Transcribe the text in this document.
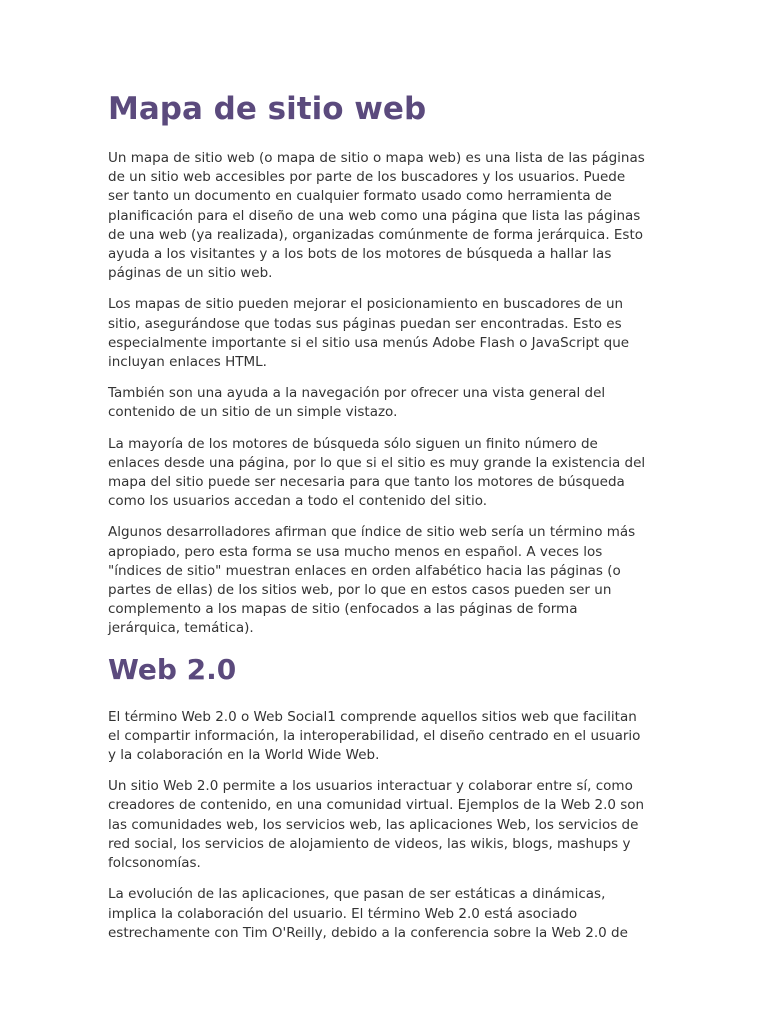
Mapa de sitio web

Un mapa de sitio web (o mapa de sitio o mapa web) es una lista de las páginas
de un sitio web accesibles por parte de los buscadores y los usuarios. Puede
ser tanto un documento en cualquier formato usado como herramienta de
planificación para el diseño de una web como una página que lista las páginas
de una web (ya realizada), organizadas comúnmente de forma jerárquica. Esto
ayuda a los visitantes y a los bots de los motores de búsqueda a hallar las
páginas de un sitio web.

Los mapas de sitio pueden mejorar el posicionamiento en buscadores de un
sitio, asegurándose que todas sus páginas puedan ser encontradas. Esto es
especialmente importante si el sitio usa menús Adobe Flash o JavaScript que
incluyan enlaces HTML.

También son una ayuda a la navegación por ofrecer una vista general del
contenido de un sitio de un simple vistazo.

La mayoría de los motores de búsqueda sólo siguen un finito número de
enlaces desde una página, por lo que si el sitio es muy grande la existencia del
mapa del sitio puede ser necesaria para que tanto los motores de búsqueda
como los usuarios accedan a todo el contenido del sitio.

Algunos desarrolladores afirman que índice de sitio web sería un término más
apropiado, pero esta forma se usa mucho menos en español. A veces los
"índices de sitio" muestran enlaces en orden alfabético hacia las páginas (o
partes de ellas) de los sitios web, por lo que en estos casos pueden ser un
complemento a los mapas de sitio (enfocados a las páginas de forma
jerárquica, temática).

Web 2.0

El término Web 2.0 o Web Social1 comprende aquellos sitios web que facilitan
el compartir información, la interoperabilidad, el diseño centrado en el usuario
y la colaboración en la World Wide Web.

Un sitio Web 2.0 permite a los usuarios interactuar y colaborar entre sí, como
creadores de contenido, en una comunidad virtual. Ejemplos de la Web 2.0 son
las comunidades web, los servicios web, las aplicaciones Web, los servicios de
red social, los servicios de alojamiento de videos, las wikis, blogs, mashups y
folcsonomías.

La evolución de las aplicaciones, que pasan de ser estáticas a dinámicas,
implica la colaboración del usuario. El término Web 2.0 está asociado
estrechamente con Tim O'Reilly, debido a la conferencia sobre la Web 2.0 de
